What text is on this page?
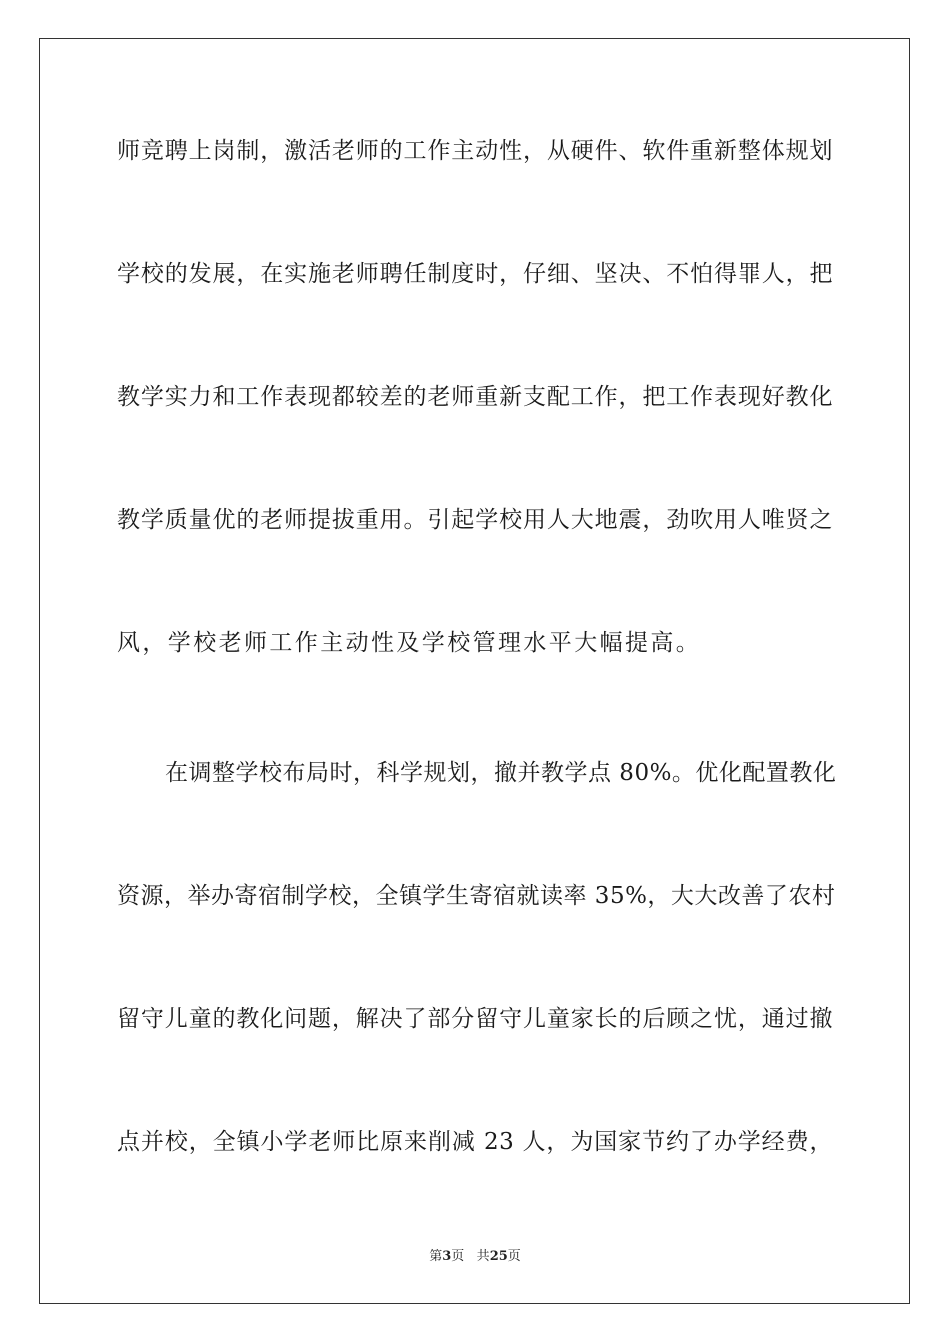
师竞聘上岗制，激活老师的工作主动性，从硬件、软件重新整体规划
学校的发展，在实施老师聘任制度时，仔细、坚决、不怕得罪人，把
教学实力和工作表现都较差的老师重新支配工作，把工作表现好教化
教学质量优的老师提拔重用。引起学校用人大地震，劲吹用人唯贤之
风，学校老师工作主动性及学校管理水平大幅提高。
在调整学校布局时，科学规划，撤并教学点 80%。优化配置教化
资源，举办寄宿制学校，全镇学生寄宿就读率 35%，大大改善了农村
留守儿童的教化问题，解决了部分留守儿童家长的后顾之忧，通过撤
点并校，全镇小学老师比原来削减 23 人，为国家节约了办学经费，
第3页 共25页
